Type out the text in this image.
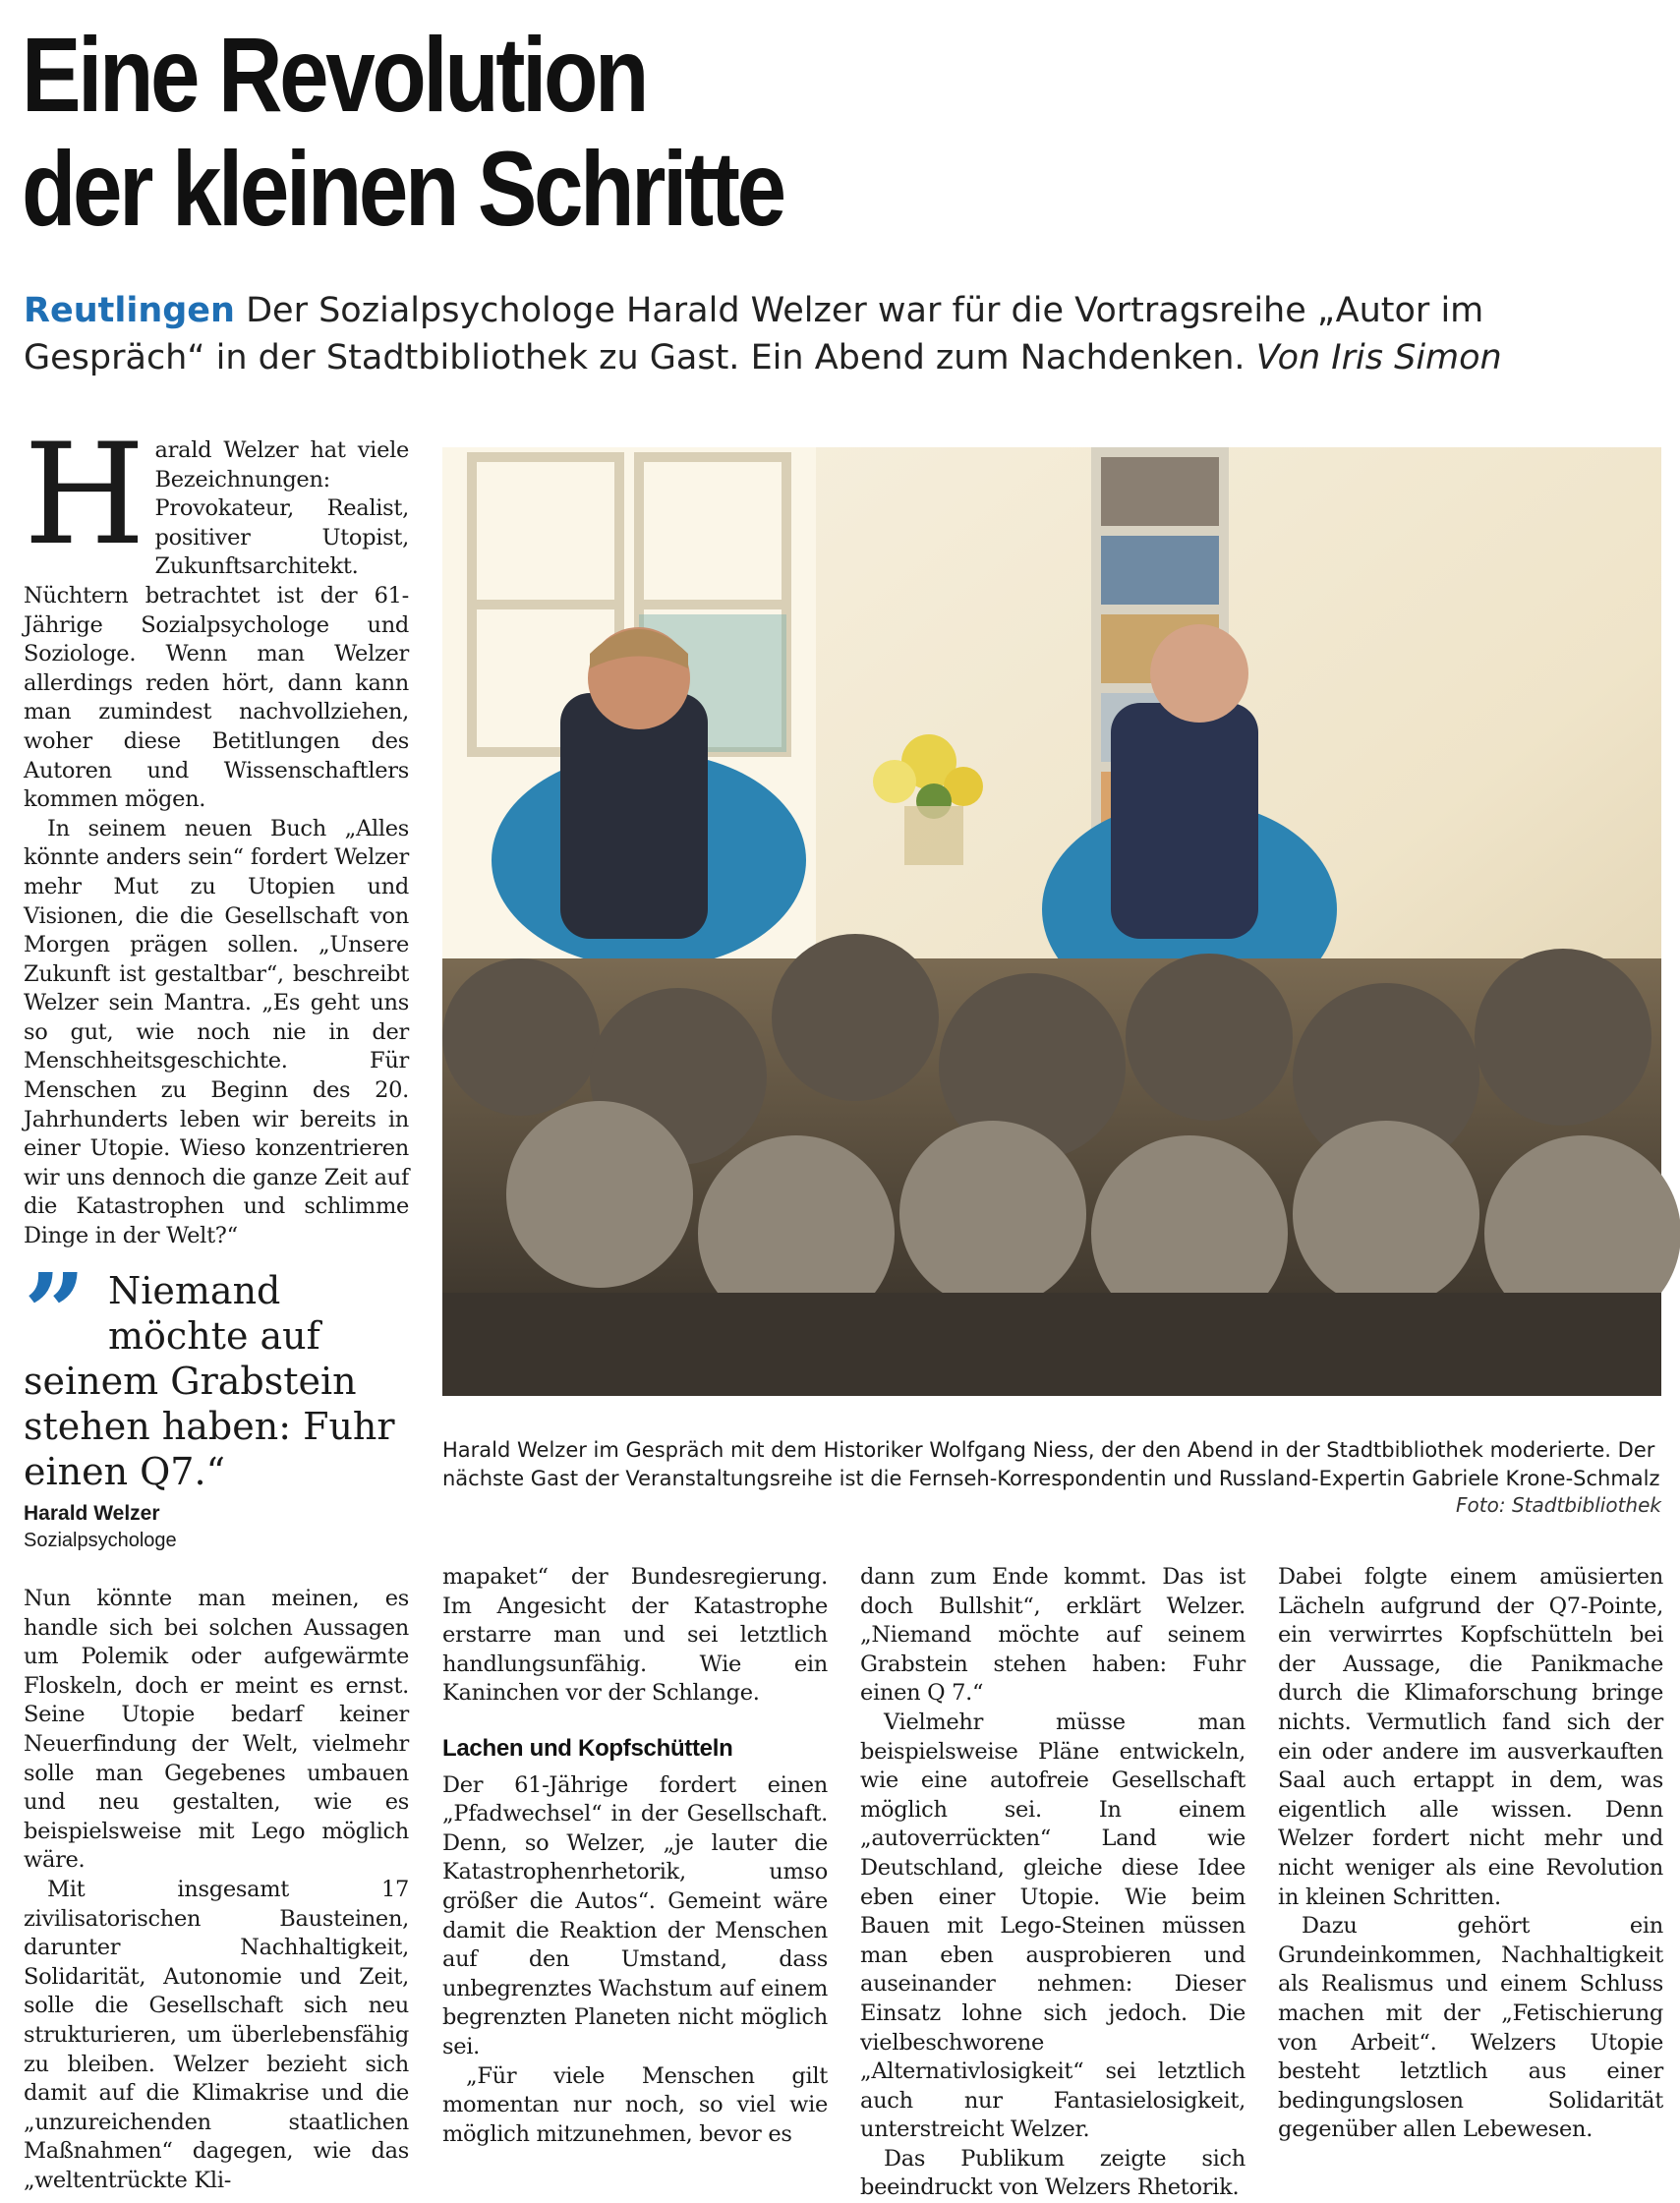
Eine Revolution
der kleinen Schritte
Reutlingen Der Sozialpsychologe Harald Welzer war für die Vortragsreihe „Autor im Gespräch“ in der Stadtbibliothek zu Gast. Ein Abend zum Nachdenken. Von Iris Simon

Harald Welzer hat viele Bezeichnungen: Provokateur, Realist, positiver Utopist, Zukunftsarchitekt. Nüchtern betrachtet ist der 61-Jährige Sozialpsychologe und Soziologe. Wenn man Welzer allerdings reden hört, dann kann man zumindest nachvollziehen, woher diese Betitlungen des Autoren und Wissenschaftlers kommen mögen.

In seinem neuen Buch „Alles könnte anders sein“ fordert Welzer mehr Mut zu Utopien und Visionen, die die Gesellschaft von Morgen prägen sollen. „Unsere Zukunft ist gestaltbar“, beschreibt Welzer sein Mantra. „Es geht uns so gut, wie noch nie in der Menschheitsgeschichte. Für Menschen zu Beginn des 20. Jahrhunderts leben wir bereits in einer Utopie. Wieso konzentrieren wir uns dennoch die ganze Zeit auf die Katastrophen und schlimme Dinge in der Welt?“

” Niemand
möchte auf
seinem Grabstein stehen haben: Fuhr einen Q7.“
Harald Welzer
Sozialpsychologe
Harald Welzer im Gespräch mit dem Historiker Wolfgang Niess, der den Abend in der Stadtbibliothek moderierte. Der nächste Gast der Veranstaltungsreihe ist die Fernseh-Korrespondentin und Russland-Expertin Gabriele Krone-Schmalz
Foto: Stadtbibliothek

Nun könnte man meinen, es handle sich bei solchen Aussagen um Polemik oder aufgewärmte Floskeln, doch er meint es ernst. Seine Utopie bedarf keiner Neuerfindung der Welt, vielmehr solle man Gegebenes umbauen und neu gestalten, wie es beispielsweise mit Lego möglich wäre.

Mit insgesamt 17 zivilisatorischen Bausteinen, darunter Nachhaltigkeit, Solidarität, Autonomie und Zeit, solle die Gesellschaft sich neu strukturieren, um überlebensfähig zu bleiben. Welzer bezieht sich damit auf die Klimakrise und die „unzureichenden staatlichen Maßnahmen“ dagegen, wie das „weltentrückte Kli-

mapaket“ der Bundesregierung. Im Angesicht der Katastrophe erstarre man und sei letztlich handlungsunfähig. Wie ein Kaninchen vor der Schlange.

Lachen und Kopfschütteln

Der 61-Jährige fordert einen „Pfadwechsel“ in der Gesellschaft. Denn, so Welzer, „je lauter die Katastrophenrhetorik, umso größer die Autos“. Gemeint wäre damit die Reaktion der Menschen auf den Umstand, dass unbegrenztes Wachstum auf einem begrenzten Planeten nicht möglich sei.

„Für viele Menschen gilt momentan nur noch, so viel wie möglich mitzunehmen, bevor es

dann zum Ende kommt. Das ist doch Bullshit“, erklärt Welzer. „Niemand möchte auf seinem Grabstein stehen haben: Fuhr einen Q 7.“

Vielmehr müsse man beispielsweise Pläne entwickeln, wie eine autofreie Gesellschaft möglich sei. In einem „autoverrückten“ Land wie Deutschland, gleiche diese Idee eben einer Utopie. Wie beim Bauen mit Lego-Steinen müssen man eben ausprobieren und auseinander nehmen: Dieser Einsatz lohne sich jedoch. Die vielbeschworene „Alternativlosigkeit“ sei letztlich auch nur Fantasielosigkeit, unterstreicht Welzer.

Das Publikum zeigte sich beeindruckt von Welzers Rhetorik.

Dabei folgte einem amüsierten Lächeln aufgrund der Q7-Pointe, ein verwirrtes Kopfschütteln bei der Aussage, die Panikmache durch die Klimaforschung bringe nichts. Vermutlich fand sich der ein oder andere im ausverkauften Saal auch ertappt in dem, was eigentlich alle wissen. Denn Welzer fordert nicht mehr und nicht weniger als eine Revolution in kleinen Schritten.

Dazu gehört ein Grundeinkommen, Nachhaltigkeit als Realismus und einem Schluss machen mit der „Fetischierung von Arbeit“. Welzers Utopie besteht letztlich aus einer bedingungslosen Solidarität gegenüber allen Lebewesen.
